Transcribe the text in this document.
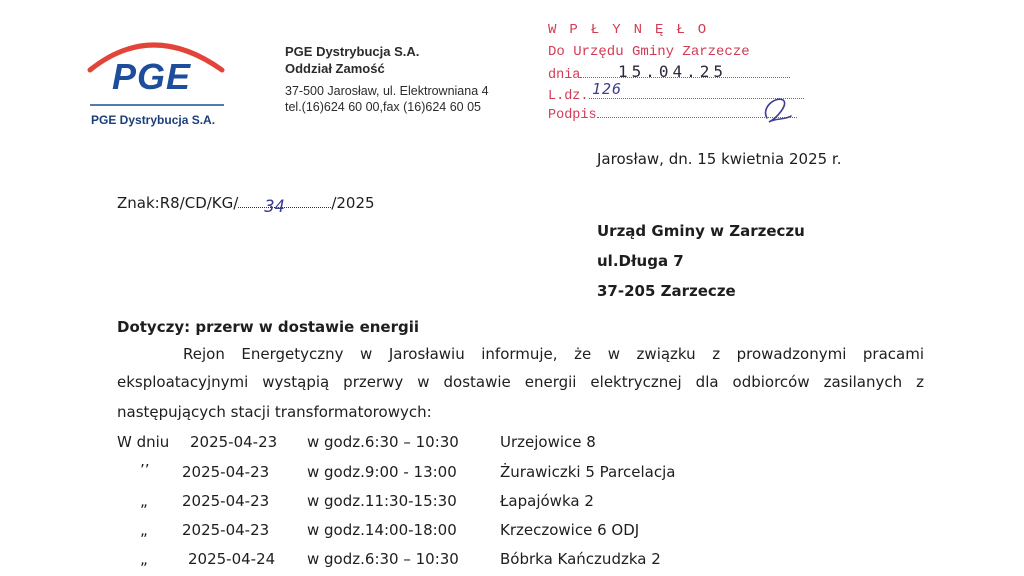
PGE
PGE Dystrybucja S.A.
PGE Dystrybucja S.A.
Oddział Zamość
37-500 Jarosław, ul. Elektrowniana 4
tel.(16)624 60 00,fax (16)624 60 05
WPŁYNĘŁO
Do Urzędu Gminy Zarzecze
dnia	15.04.25
L.dz. 126
Podpis
Jarosław, dn. 15 kwietnia 2025 r.
Znak:R8/CD/KG/ 34	/2025
Urząd Gminy w Zarzeczu
ul.Długa 7
37-205 Zarzecze
Dotyczy: przerw w dostawie energii
Rejon Energetyczny w Jarosławiu informuje, że w związku z prowadzonymi pracami
eksploatacyjnymi wystąpią przerwy w dostawie energii elektrycznej dla odbiorców zasilanych z
następujących stacji transformatorowych:
W dniu 2025-04-23 w godz.6:30 – 10:30	Urzejowice 8
’’ 2025-04-23	w godz.9:00 - 13:00	Żurawiczki 5 Parcelacja
„ 2025-04-23	w godz.11:30-15:30	Łapajówka 2
„ 2025-04-23	w godz.14:00-18:00	Krzeczowice 6 ODJ
„	2025-04-24 w godz.6:30 – 10:30	Bóbrka Kańczudzka 2
